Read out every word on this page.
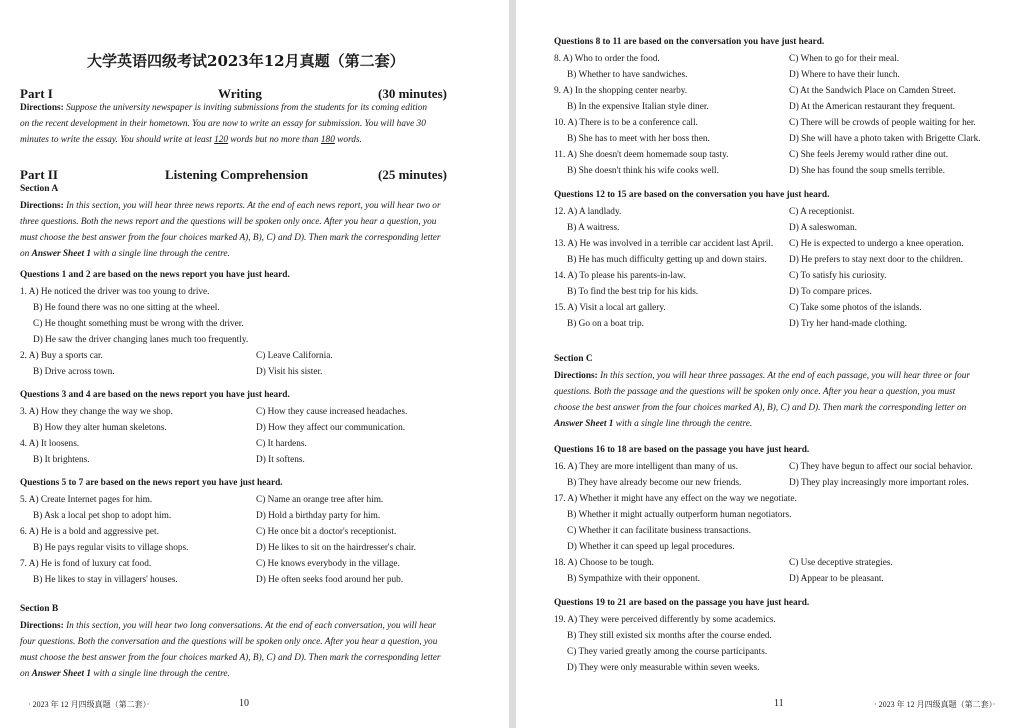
大学英语四级考试2023年12月真题（第二套）
Part I	Writing	(30 minutes)
Directions: Suppose the university newspaper is inviting submissions from the students for its coming edition
on the recent development in their hometown. You are now to write an essay for submission. You will have 30
minutes to write the essay. You should write at least 120 words but no more than 180 words.
Part II	Listening Comprehension	(25 minutes)
Section A
Directions: In this section, you will hear three news reports. At the end of each news report, you will hear two or
three questions. Both the news report and the questions will be spoken only once. After you hear a question, you
must choose the best answer from the four choices marked A), B), C) and D). Then mark the corresponding letter
on Answer Sheet 1 with a single line through the centre.
Questions 1 and 2 are based on the news report you have just heard.
1. A) He noticed the driver was too young to drive.
B) He found there was no one sitting at the wheel.
C) He thought something must be wrong with the driver.
D) He saw the driver changing lanes much too frequently.
2. A) Buy a sports car.	C) Leave California.
B) Drive across town.	D) Visit his sister.
Questions 3 and 4 are based on the news report you have just heard.
3. A) How they change the way we shop.	C) How they cause increased headaches.
B) How they alter human skeletons.	D) How they affect our communication.
4. A) It loosens.	C) It hardens.
B) It brightens.	D) It softens.
Questions 5 to 7 are based on the news report you have just heard.
5. A) Create Internet pages for him.	C) Name an orange tree after him.
B) Ask a local pet shop to adopt him.	D) Hold a birthday party for him.
6. A) He is a bold and aggressive pet.	C) He once bit a doctor's receptionist.
B) He pays regular visits to village shops.	D) He likes to sit on the hairdresser's chair.
7. A) He is fond of luxury cat food.	C) He knows everybody in the village.
B) He likes to stay in villagers' houses.	D) He often seeks food around her pub.
Section B
Directions: In this section, you will hear two long conversations. At the end of each conversation, you will hear
four questions. Both the conversation and the questions will be spoken only once. After you hear a question, you
must choose the best answer from the four choices marked A), B), C) and D). Then mark the corresponding letter
on Answer Sheet 1 with a single line through the centre.
· 2023 年 12 月四级真题（第二套）·	10
Questions 8 to 11 are based on the conversation you have just heard.
8. A) Who to order the food.	C) When to go for their meal.
B) Whether to have sandwiches.	D) Where to have their lunch.
9. A) In the shopping center nearby.	C) At the Sandwich Place on Camden Street.
B) In the expensive Italian style diner.	D) At the American restaurant they frequent.
10. A) There is to be a conference call.	C) There will be crowds of people waiting for her.
B) She has to meet with her boss then.	D) She will have a photo taken with Brigette Clark.
11. A) She doesn't deem homemade soup tasty.	C) She feels Jeremy would rather dine out.
B) She doesn't think his wife cooks well.	D) She has found the soup smells terrible.
Questions 12 to 15 are based on the conversation you have just heard.
12. A) A landlady.	C) A receptionist.
B) A waitress.	D) A saleswoman.
13. A) He was involved in a terrible car accident last April. C) He is expected to undergo a knee operation.
B) He has much difficulty getting up and down stairs. D) He prefers to stay next door to the children.
14. A) To please his parents-in-law.	C) To satisfy his curiosity.
B) To find the best trip for his kids.	D) To compare prices.
15. A) Visit a local art gallery.	C) Take some photos of the islands.
B) Go on a boat trip.	D) Try her hand-made clothing.
Section C
Directions: In this section, you will hear three passages. At the end of each passage, you will hear three or four
questions. Both the passage and the questions will be spoken only once. After you hear a question, you must
choose the best answer from the four choices marked A), B), C) and D). Then mark the corresponding letter on
Answer Sheet 1 with a single line through the centre.
Questions 16 to 18 are based on the passage you have just heard.
16. A) They are more intelligent than many of us.	C) They have begun to affect our social behavior.
B) They have already become our new friends.	D) They play increasingly more important roles.
17. A) Whether it might have any effect on the way we negotiate.
B) Whether it might actually outperform human negotiators.
C) Whether it can facilitate business transactions.
D) Whether it can speed up legal procedures.
18. A) Choose to be tough.	C) Use deceptive strategies.
B) Sympathize with their opponent.	D) Appear to be pleasant.
Questions 19 to 21 are based on the passage you have just heard.
19. A) They were perceived differently by some academics.
B) They still existed six months after the course ended.
C) They varied greatly among the course participants.
D) They were only measurable within seven weeks.
11	· 2023 年 12 月四级真题（第二套）·
